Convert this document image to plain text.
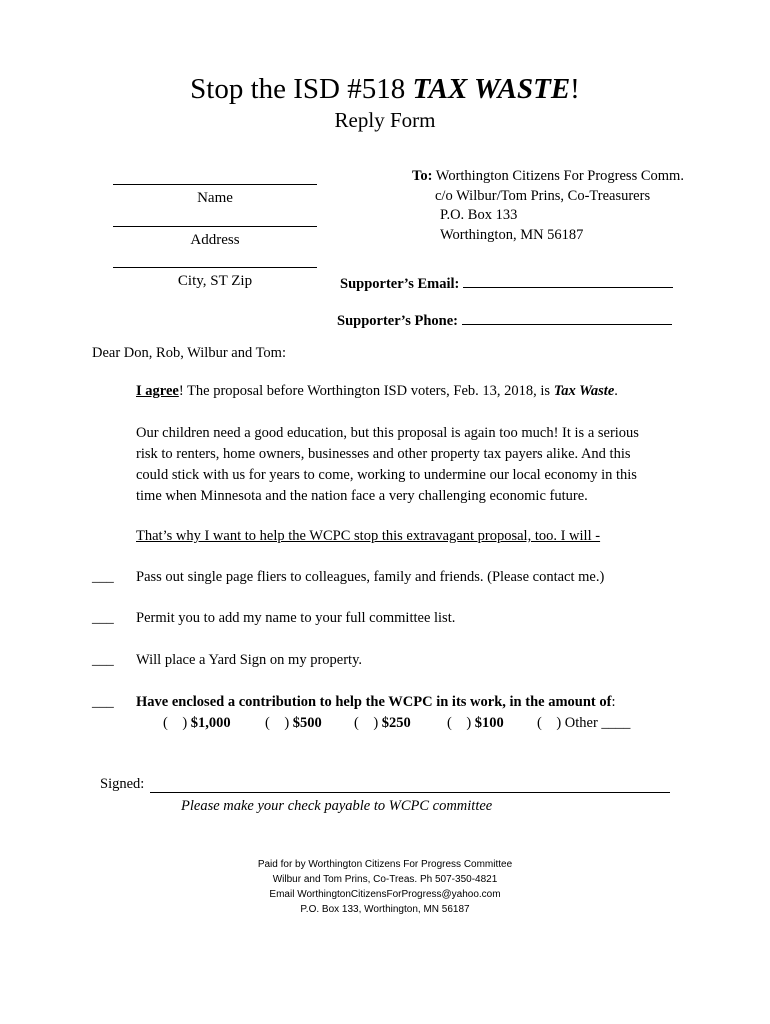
Stop the ISD #518 TAX WASTE!
Reply Form
Name
Address
City, ST Zip
To: Worthington Citizens For Progress Comm.
c/o Wilbur/Tom Prins, Co-Treasurers
P.O. Box 133
Worthington, MN 56187
Supporter’s Email:
Supporter’s Phone:
Dear Don, Rob, Wilbur and Tom:
I agree! The proposal before Worthington ISD voters, Feb. 13, 2018, is Tax Waste.
Our children need a good education, but this proposal is again too much! It is a serious
risk to renters, home owners, businesses and other property tax payers alike. And this
could stick with us for years to come, working to undermine our local economy in this
time when Minnesota and the nation face a very challenging economic future.
That’s why I want to help the WCPC stop this extravagant proposal, too. I will -
___	Pass out single page fliers to colleagues, family and friends. (Please contact me.)
___	Permit you to add my name to your full committee list.
___	Will place a Yard Sign on my property.
___	Have enclosed a contribution to help the WCPC in its work, in the amount of:
(    ) $1,000 (    ) $500 (    ) $250 (    ) $100 (    ) Other ____
Signed:
Please make your check payable to WCPC committee
Paid for by Worthington Citizens For Progress Committee
Wilbur and Tom Prins, Co-Treas. Ph 507-350-4821
Email WorthingtonCitizensForProgress@yahoo.com
P.O. Box 133, Worthington, MN 56187
